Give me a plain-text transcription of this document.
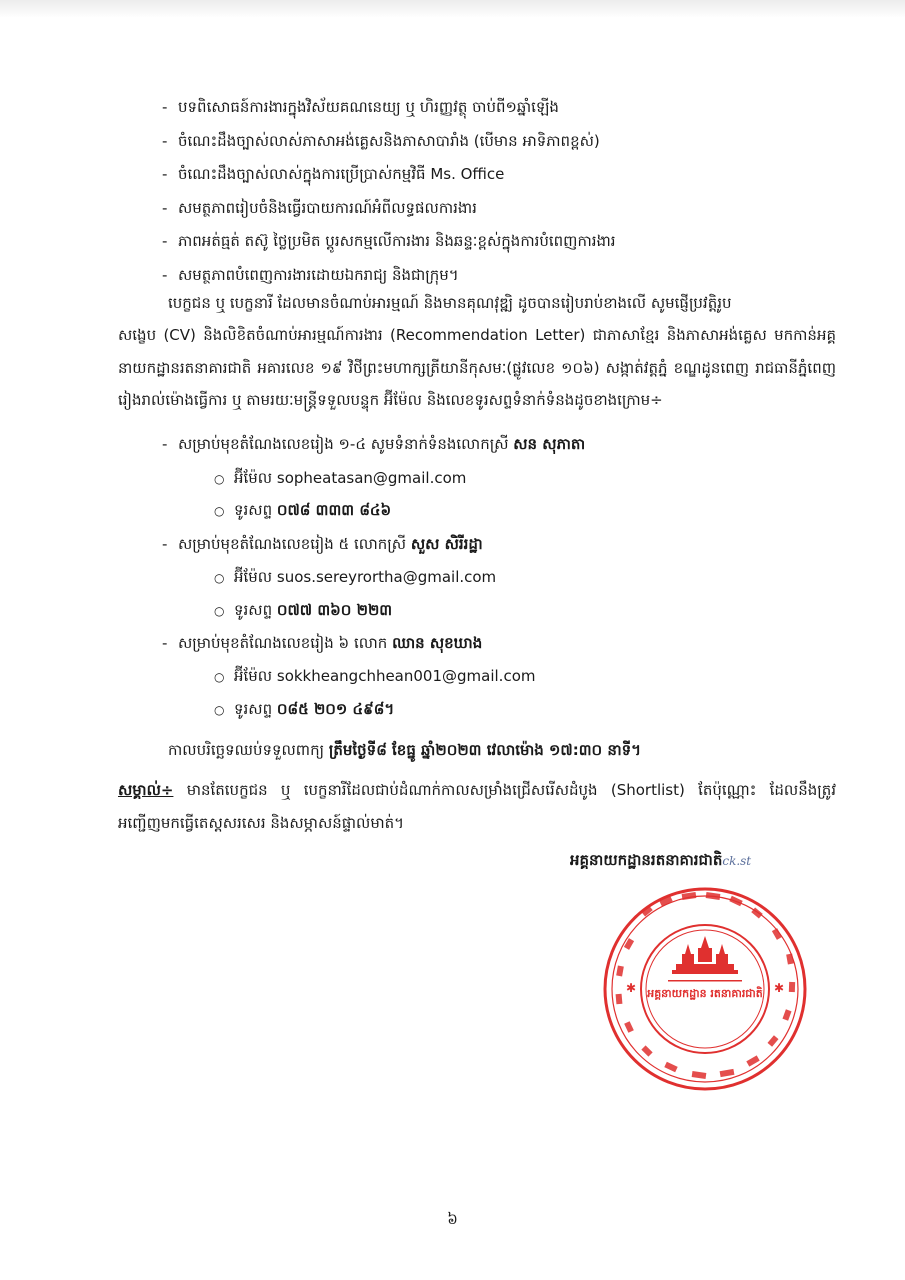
- បទពិសោធន៍ការងារក្នុងវិស័យគណនេយ្យ ឬ ហិរញ្ញវត្ថុ ចាប់ពី១ឆ្នាំឡើង
- ចំណេះដឹងច្បាស់លាស់ភាសាអង់គ្លេសនិងភាសាបារាំង (បើមាន អាទិភាពខ្ពស់)
- ចំណេះដឹងច្បាស់លាស់ក្នុងការប្រើប្រាស់កម្មវិធី Ms. Office
- សមត្ថភាពរៀបចំនិងធ្វើរបាយការណ៍អំពីលទ្ធផលការងារ
- ភាពអត់ធ្មត់ តស៊ូ ថៃ្លប្រមិត ប្ដូរសកម្មលើការងារ និងឆន្ទៈខ្ពស់ក្នុងការបំពេញការងារ
- សមត្ថភាពបំពេញការងារដោយឯករាជ្យ និងជាក្រុម។
បេក្ខជន ឬ បេក្ខនារី ដែលមានចំណាប់អារម្មណ៍ និងមានគុណវុឌ្ឍិ ដូចបានរៀបរាប់ខាងលើ សូមផ្ញើប្រវត្តិរូប
សង្ខេប (CV) និងលិខិតចំណាប់អារម្មណ៍ការងារ (Recommendation Letter) ជាភាសាខ្មែរ និងភាសាអង់គ្លេស មកកាន់អគ្គនាយកដ្ឋានរតនាគារជាតិ អគារលេខ ១៩ វិថីព្រះមហាក្សត្រីយានីកុសមៈ(ផ្លូវលេខ ១០៦) សង្កាត់វត្តភ្នំ ខណ្ឌដូនពេញ រាជធានីភ្នំពេញ រៀងរាល់ម៉ោងធ្វើការ ឬ តាមរយៈមន្ត្រីទទួលបន្ទុក អ៊ីម៉ែល និងលេខទូរសព្ទទំនាក់ទំនងដូចខាងក្រោម÷
- សម្រាប់មុខតំណែងលេខរៀង ១-៤ សូមទំនាក់ទំនងលោកស្រី សន សុភាតា
○ អ៊ីម៉ែល sopheatasan@gmail.com
○ ទូរសព្ទ ០៧៨ ៣៣៣ ៨៤៦
- សម្រាប់មុខតំណែងលេខរៀង ៥ លោកស្រី សួស សិរីរដ្ឋា
○ អ៊ីម៉ែល suos.sereyrortha@gmail.com
○ ទូរសព្ទ ០៧៧ ៣៦០ ២២៣
- សម្រាប់មុខតំណែងលេខរៀង ៦ លោក ឈាន សុខឃាង
○ អ៊ីម៉ែល sokkheangchhean001@gmail.com
○ ទូរសព្ទ ០៨៥ ២០១ ៤៩៨។
កាលបរិច្ឆេទឈប់ទទួលពាក្យ ត្រឹមថ្ងៃទី៨ ខែធ្នូ ឆ្នាំ២០២៣ វេលាម៉ោង ១៧:៣០ នាទី។
សម្គាល់÷ មានតែបេក្ខជន ឬ បេក្ខនារីដែលជាប់ដំណាក់កាលសម្រាំងជ្រើសរើសដំបូង (Shortlist) តែប៉ុណ្ណោះ ដែលនឹងត្រូវអញ្ជើញមកធ្វើតេស្តសរសេរ និងសម្ភាសន៍ផ្ទាល់មាត់។
អគ្គនាយកដ្ឋានរតនាគារជាតិck.st
✱	✱
អគ្គនាយកដ្ឋាន រតនាគារជាតិ
៦
